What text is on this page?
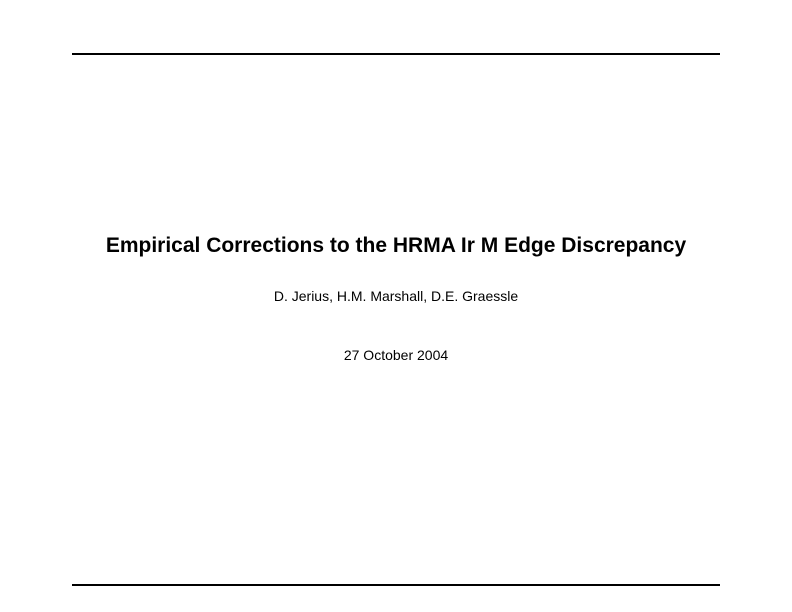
Empirical Corrections to the HRMA Ir M Edge Discrepancy
D. Jerius, H.M. Marshall, D.E. Graessle
27 October 2004
